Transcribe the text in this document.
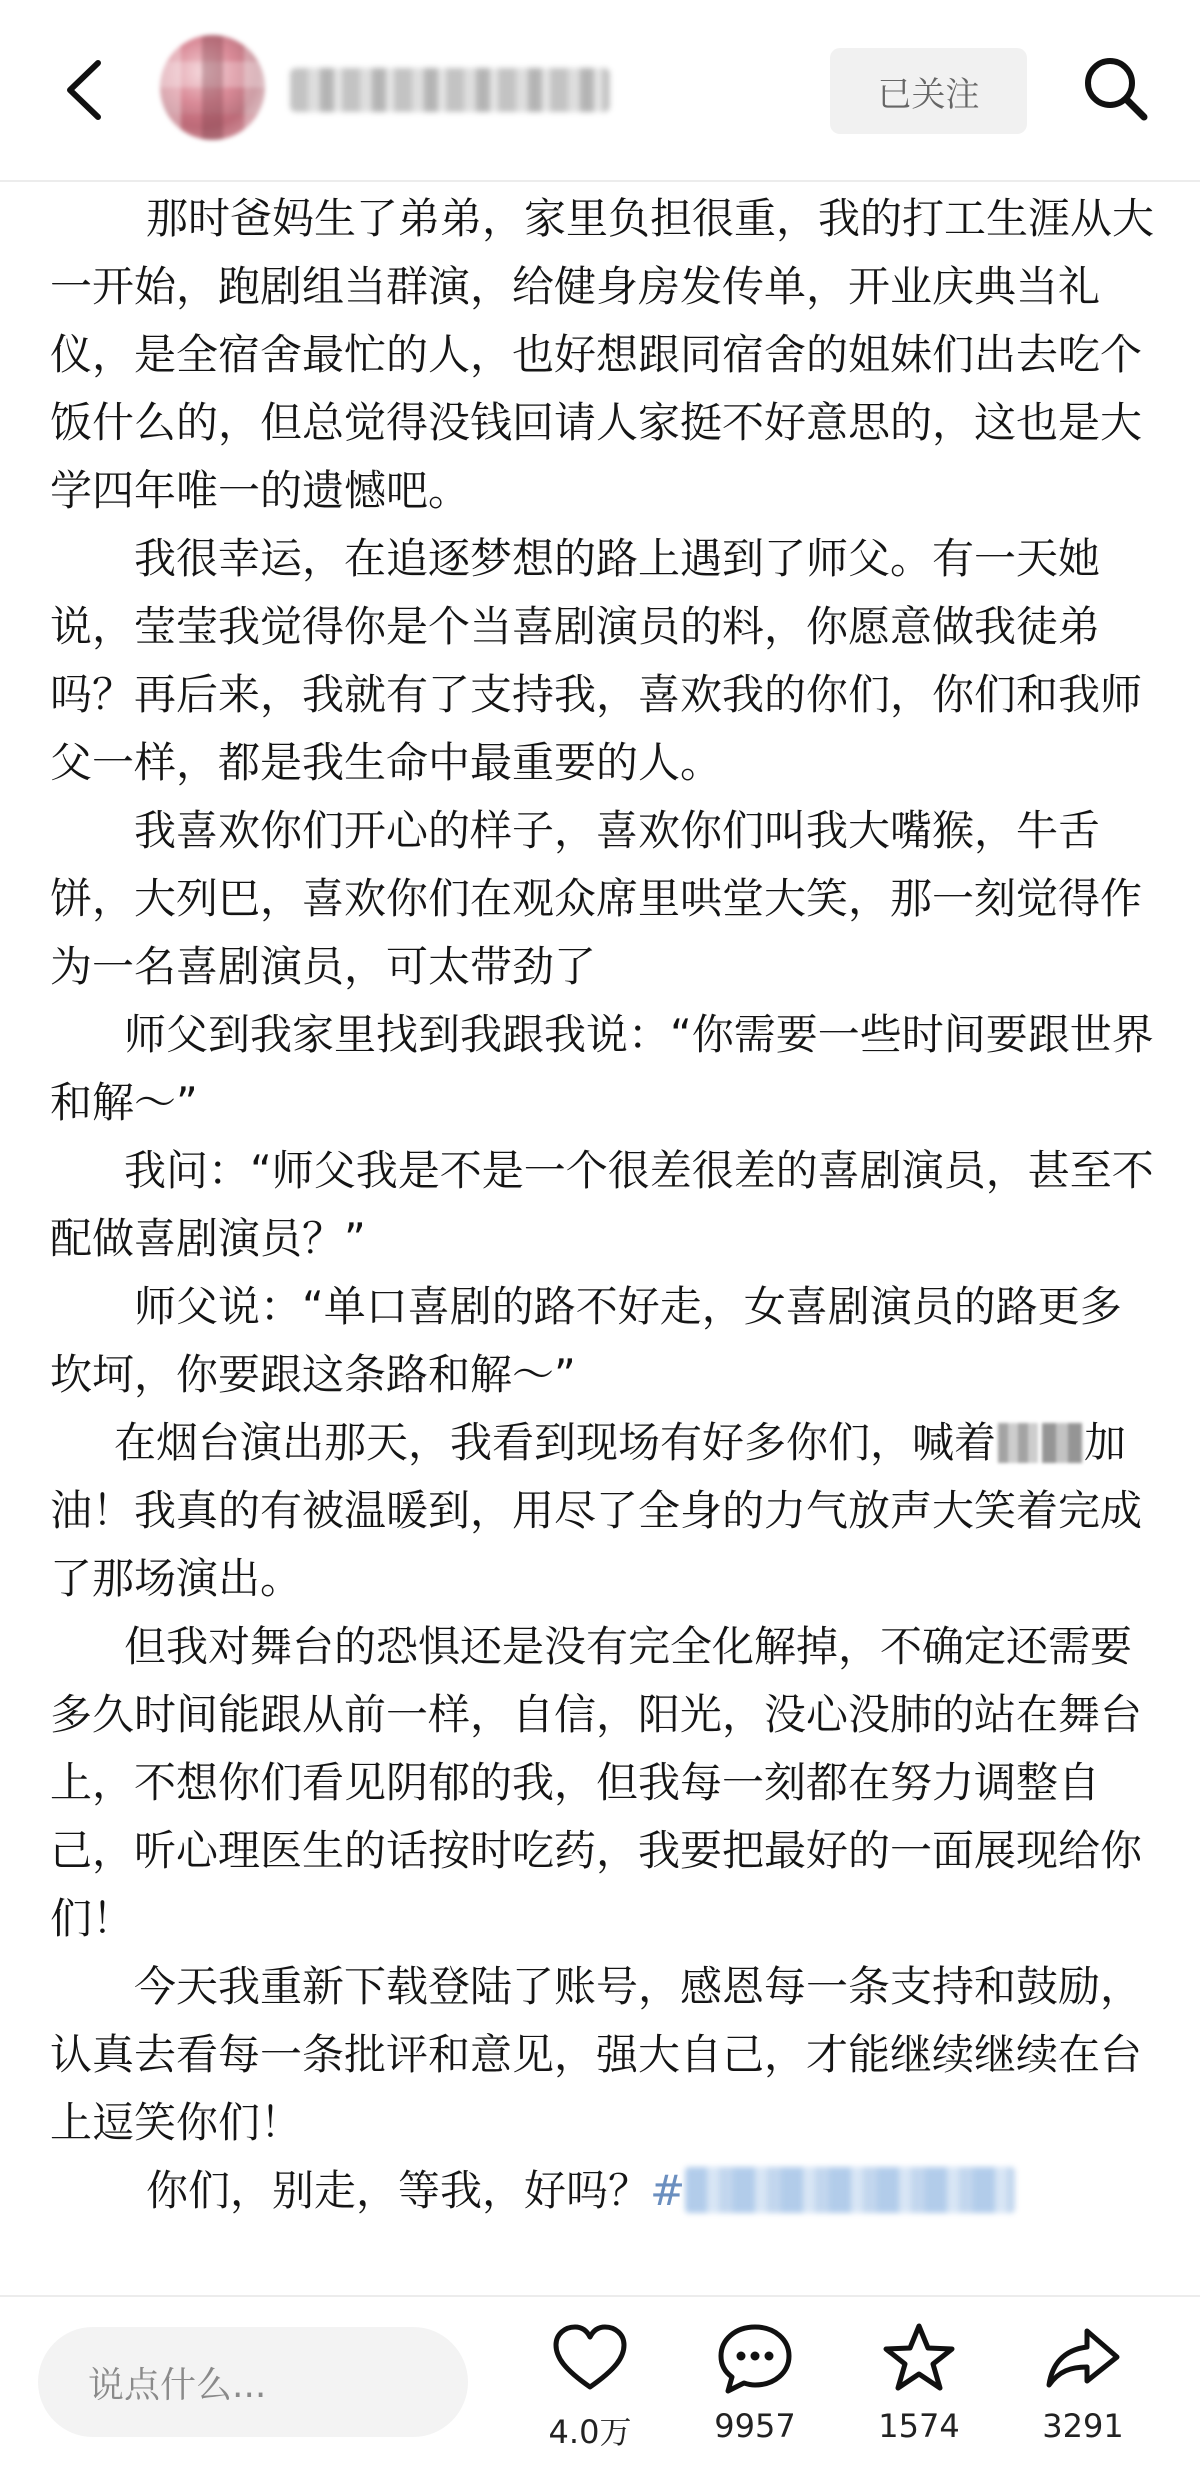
已关注

那时爸妈生了弟弟，家里负担很重，我的打工生涯从大一开始，跑剧组当群演，给健身房发传单，开业庆典当礼仪，是全宿舍最忙的人，也好想跟同宿舍的姐妹们出去吃个饭什么的，但总觉得没钱回请人家挺不好意思的，这也是大学四年唯一的遗憾吧。

我很幸运，在追逐梦想的路上遇到了师父。有一天她说，莹莹我觉得你是个当喜剧演员的料，你愿意做我徒弟吗？再后来，我就有了支持我，喜欢我的你们，你们和我师父一样，都是我生命中最重要的人。

我喜欢你们开心的样子，喜欢你们叫我大嘴猴，牛舌饼，大列巴，喜欢你们在观众席里哄堂大笑，那一刻觉得作为一名喜剧演员，可太带劲了

师父到我家里找到我跟我说：“你需要一些时间要跟世界和解～”

我问：“师父我是不是一个很差很差的喜剧演员，甚至不配做喜剧演员？”

师父说：“单口喜剧的路不好走，女喜剧演员的路更多坎坷，你要跟这条路和解～”

在烟台演出那天，我看到现场有好多你们，喊着 加油！我真的有被温暖到，用尽了全身的力气放声大笑着完成了那场演出。

但我对舞台的恐惧还是没有完全化解掉，不确定还需要多久时间能跟从前一样，自信，阳光，没心没肺的站在舞台上，不想你们看见阴郁的我，但我每一刻都在努力调整自己，听心理医生的话按时吃药，我要把最好的一面展现给你们！

今天我重新下载登陆了账号，感恩每一条支持和鼓励，认真去看每一条批评和意见，强大自己，才能继续继续在台上逗笑你们！

你们，别走，等我，好吗？#

说点什么...
4.0万	9957	1574	3291
